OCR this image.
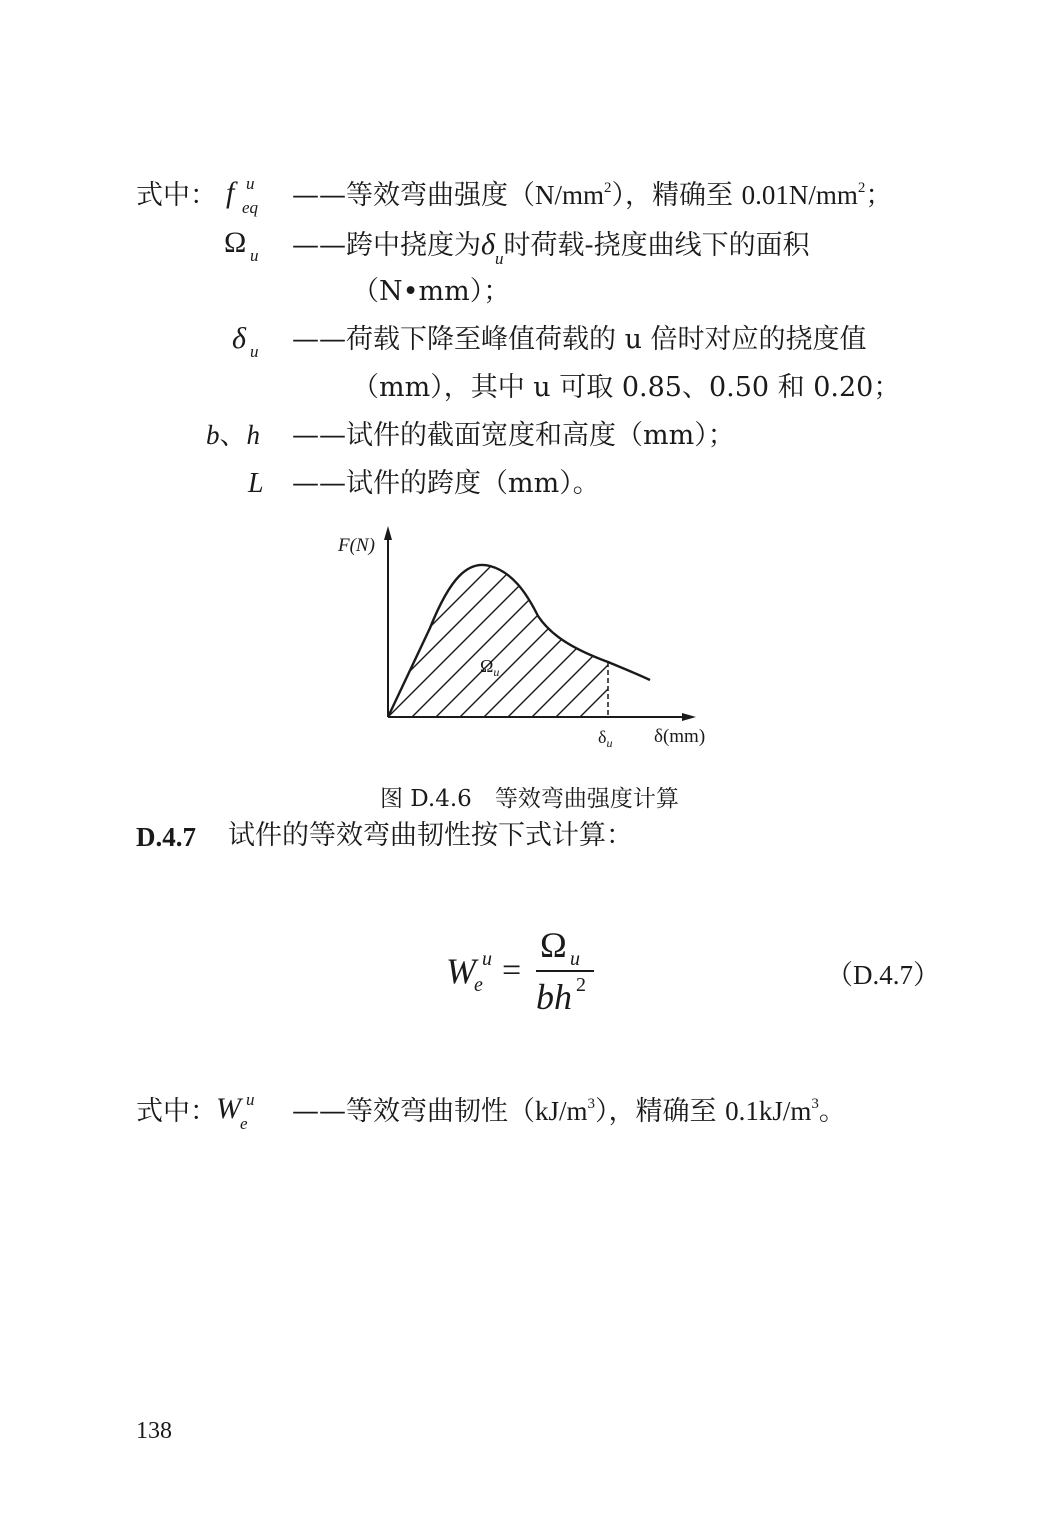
式中： f u
eq ——等效弯曲强度$(N/mm^2)$，精确至 $0.01N/mm^2$；
Ω u ——跨中挠度为$\delta_u$时荷载-挠度曲线下的面积
（N•mm）；
δ u ——荷载下降至峰值荷载的 u 倍时对应的挠度值
（mm），其中 u 可取 0.85、0.50 和 0.20；
b、h ——试件的截面宽度和高度（mm）；
L ——试件的跨度（mm）。
F(N)
$\Omega_u$
$\delta_u$ δ(mm)
图 D.4.6　等效弯曲强度计算
D.4.7 试件的等效弯曲韧性按下式计算：
W u
e =
Ω u
bh 2	（D.4.7）
式中： W u
e ——等效弯曲韧性$(kJ/m^3)$，精确至 $0.1kJ/m^3$。
138
